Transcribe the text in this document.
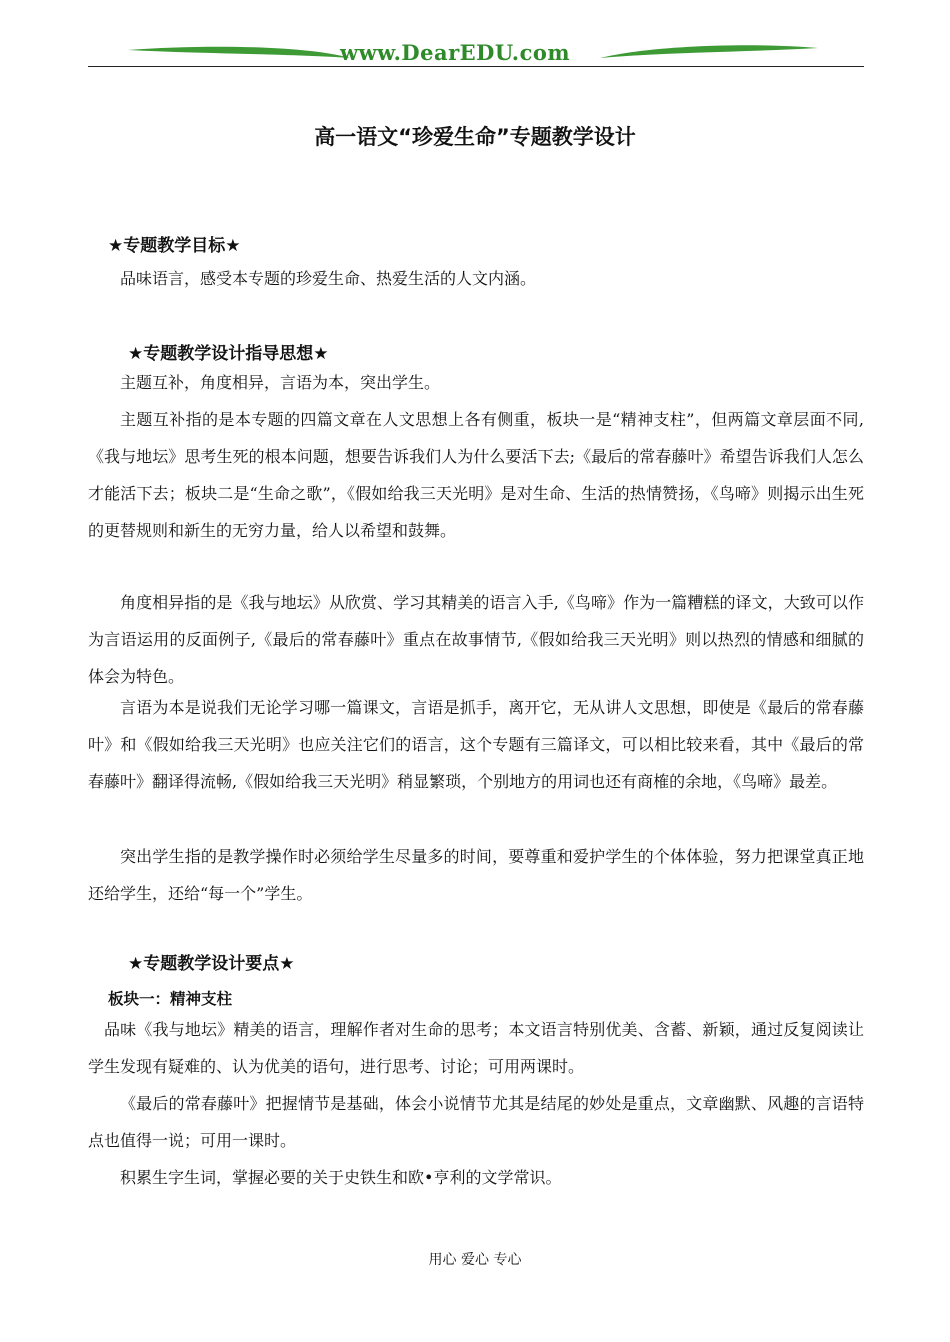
www.DearEDU.com
高一语文“珍爱生命”专题教学设计
★专题教学目标★
品味语言，感受本专题的珍爱生命、热爱生活的人文内涵。
★专题教学设计指导思想★
主题互补，角度相异，言语为本，突出学生。
主题互补指的是本专题的四篇文章在人文思想上各有侧重，板块一是“精神支柱”，但两篇文章层面不同,《我与地坛》思考生死的根本问题，想要告诉我们人为什么要活下去;《最后的常春藤叶》希望告诉我们人怎么才能活下去；板块二是“生命之歌”，《假如给我三天光明》是对生命、生活的热情赞扬，《鸟啼》则揭示出生死的更替规则和新生的无穷力量，给人以希望和鼓舞。
角度相异指的是《我与地坛》从欣赏、学习其精美的语言入手,《鸟啼》作为一篇糟糕的译文，大致可以作为言语运用的反面例子,《最后的常春藤叶》重点在故事情节,《假如给我三天光明》则以热烈的情感和细腻的体会为特色。
言语为本是说我们无论学习哪一篇课文，言语是抓手，离开它，无从讲人文思想，即使是《最后的常春藤叶》和《假如给我三天光明》也应关注它们的语言，这个专题有三篇译文，可以相比较来看，其中《最后的常春藤叶》翻译得流畅,《假如给我三天光明》稍显繁琐，个别地方的用词也还有商榷的余地，《鸟啼》最差。
突出学生指的是教学操作时必须给学生尽量多的时间，要尊重和爱护学生的个体体验，努力把课堂真正地还给学生，还给“每一个”学生。
★专题教学设计要点★
板块一：精神支柱
品味《我与地坛》精美的语言，理解作者对生命的思考；本文语言特别优美、含蓄、新颖，通过反复阅读让学生发现有疑难的、认为优美的语句，进行思考、讨论；可用两课时。
《最后的常春藤叶》把握情节是基础，体会小说情节尤其是结尾的妙处是重点，文章幽默、风趣的言语特点也值得一说；可用一课时。
积累生字生词，掌握必要的关于史铁生和欧•亨利的文学常识。
用心 爱心 专心
